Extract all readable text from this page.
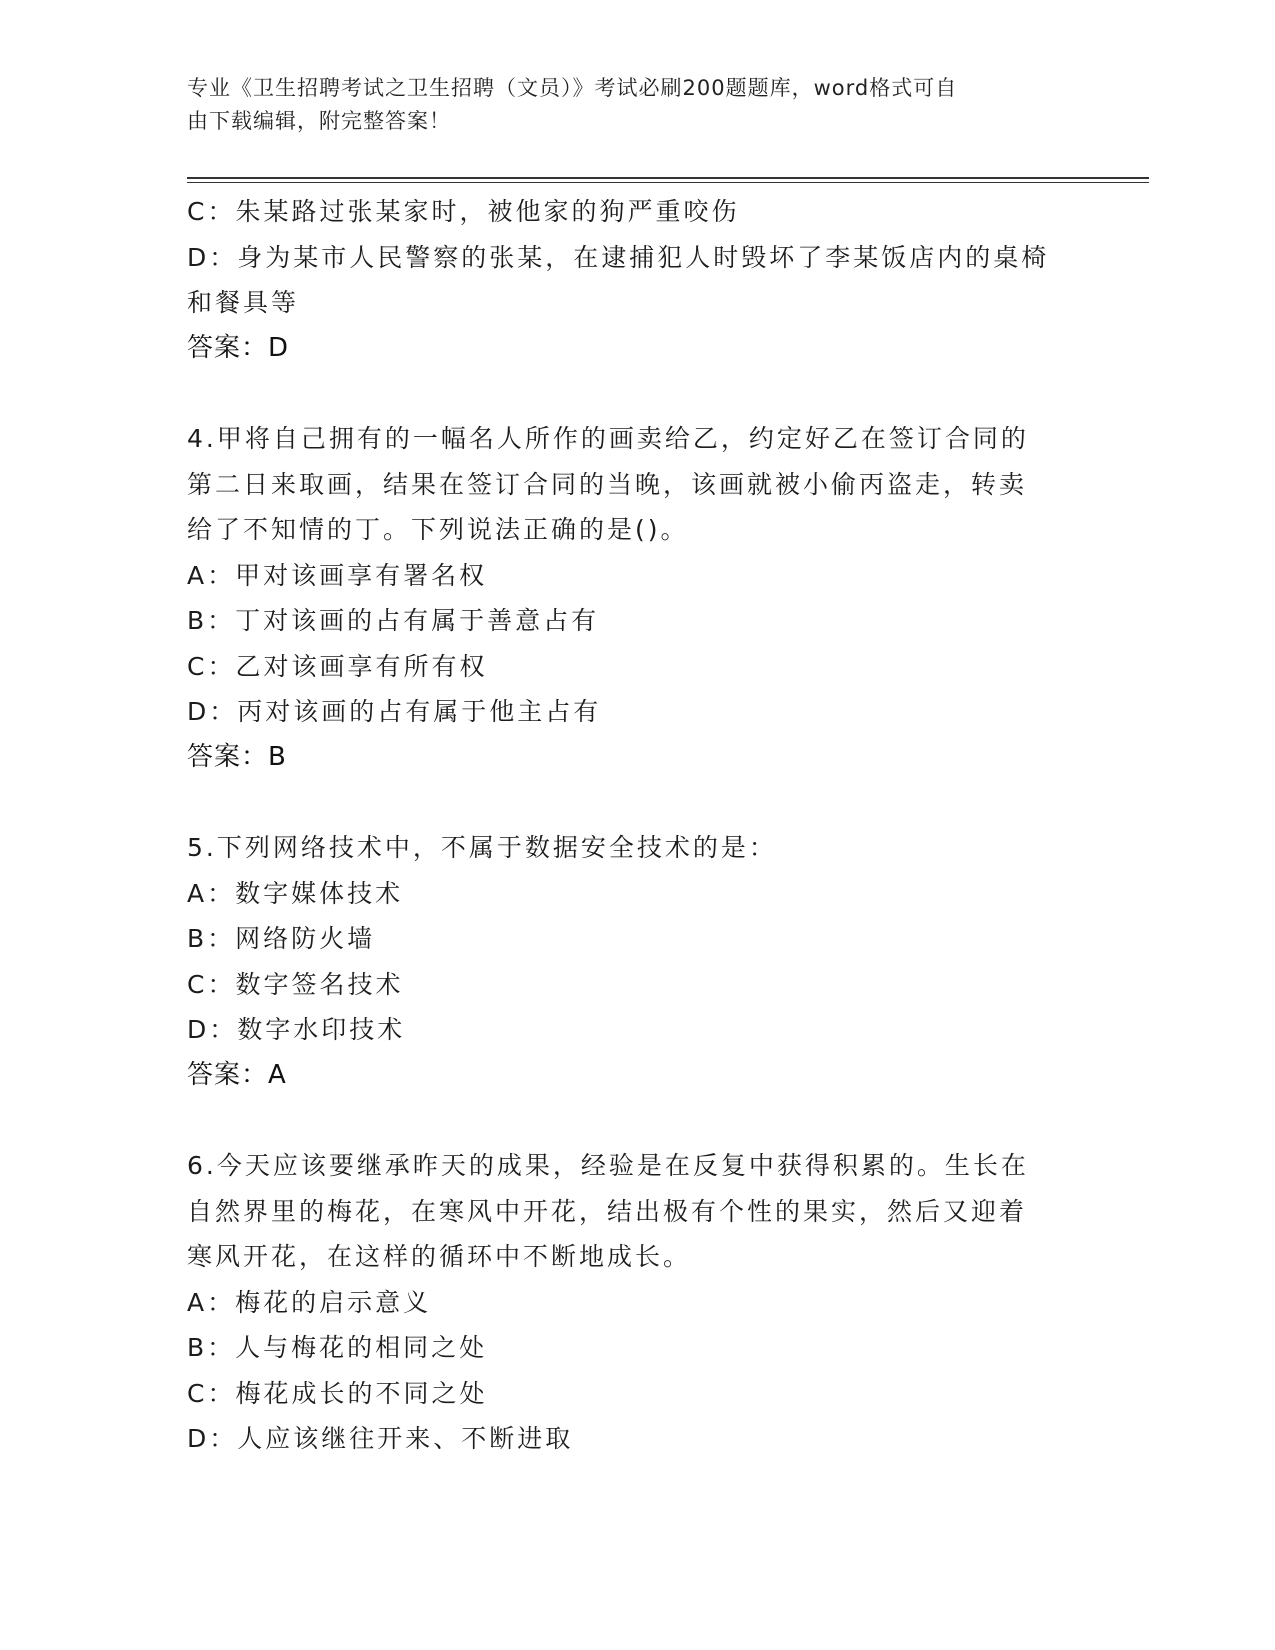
专业《卫生招聘考试之卫生招聘（文员）》考试必刷200题题库，word格式可自
由下载编辑，附完整答案！
C：朱某路过张某家时，被他家的狗严重咬伤
D：身为某市人民警察的张某，在逮捕犯人时毁坏了李某饭店内的桌椅
和餐具等
答案：D
4.甲将自己拥有的一幅名人所作的画卖给乙，约定好乙在签订合同的
第二日来取画，结果在签订合同的当晚，该画就被小偷丙盗走，转卖
给了不知情的丁。下列说法正确的是()。
A：甲对该画享有署名权
B：丁对该画的占有属于善意占有
C：乙对该画享有所有权
D：丙对该画的占有属于他主占有
答案：B
5.下列网络技术中，不属于数据安全技术的是：
A：数字媒体技术
B：网络防火墙
C：数字签名技术
D：数字水印技术
答案：A
6.今天应该要继承昨天的成果，经验是在反复中获得积累的。生长在
自然界里的梅花，在寒风中开花，结出极有个性的果实，然后又迎着
寒风开花，在这样的循环中不断地成长。
A：梅花的启示意义
B：人与梅花的相同之处
C：梅花成长的不同之处
D：人应该继往开来、不断进取
